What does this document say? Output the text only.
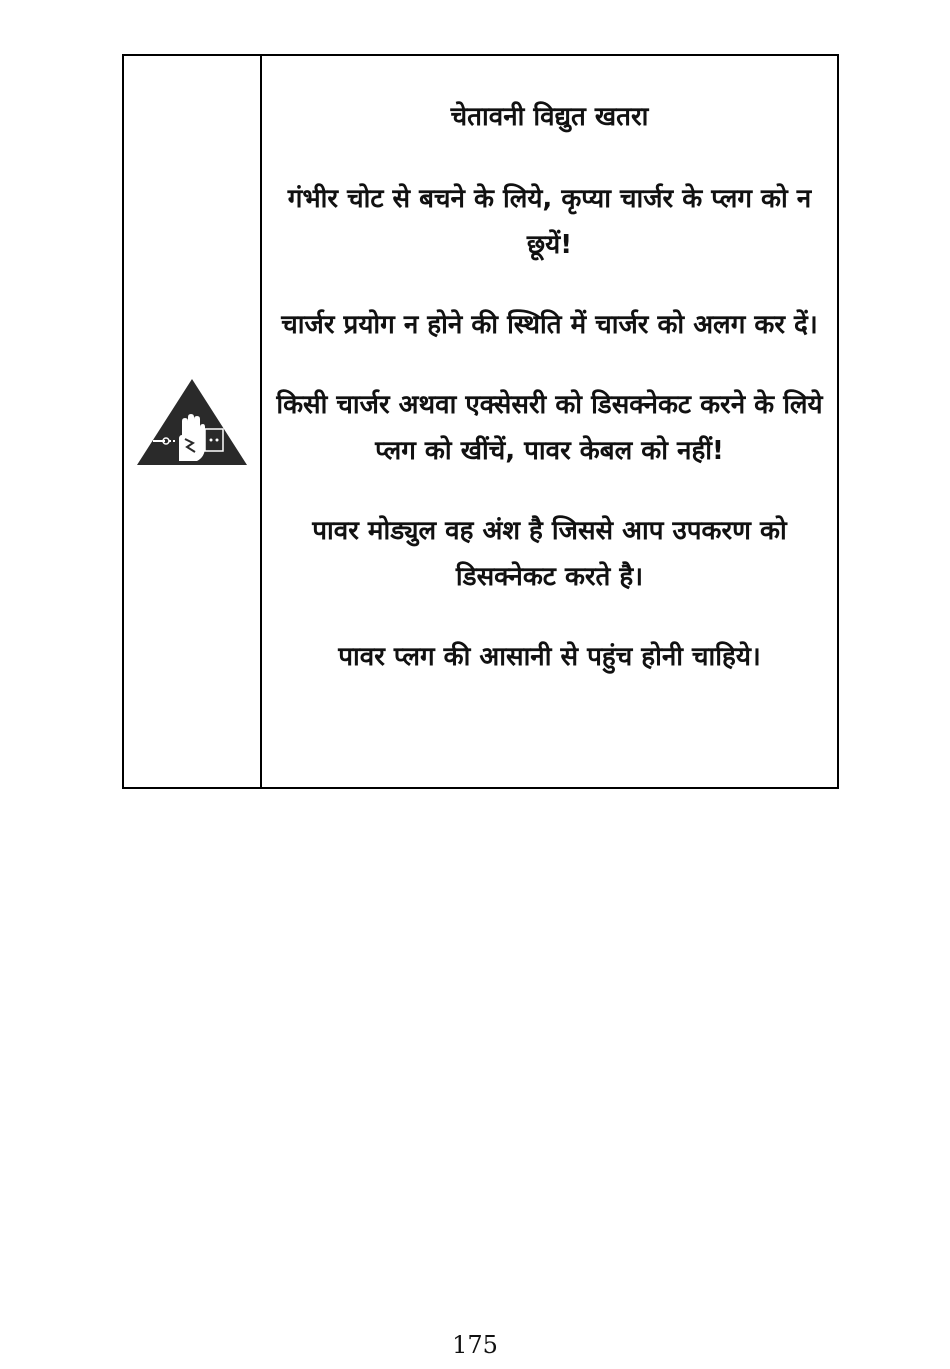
चेतावनी विद्युत खतरा
गंभीर चोट से बचने के लिये, कृप्या चार्जर के प्लग को न छूयें!
चार्जर प्रयोग न होने की स्थिति में चार्जर को अलग कर दें।
किसी चार्जर अथवा एक्सेसरी को डिसक्नेकट करने के लिये प्लग को खींचें, पावर केबल को नहीं!
पावर मोड्युल वह अंश है जिससे आप उपकरण को डिसक्नेकट करते है।
पावर प्लग की आसानी से पहुंच होनी चाहिये।
175
